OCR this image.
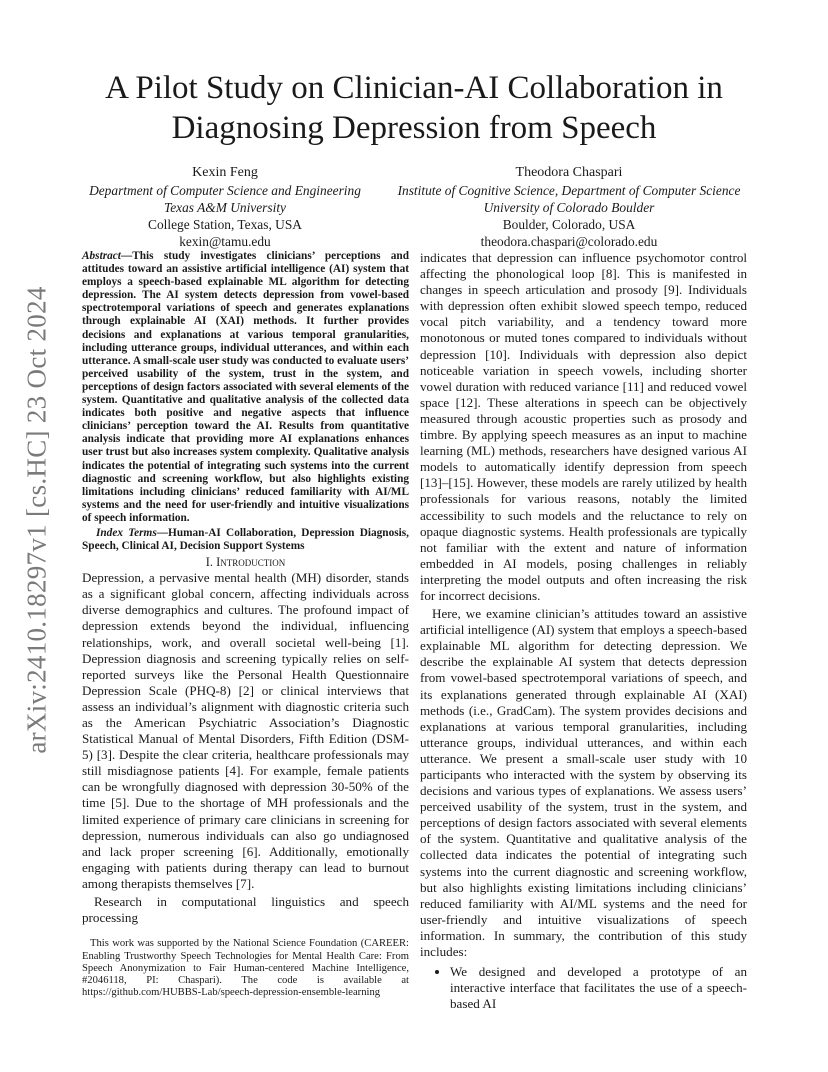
arXiv:2410.18297v1 [cs.HC] 23 Oct 2024
A Pilot Study on Clinician-AI Collaboration in Diagnosing Depression from Speech
Kexin Feng
Department of Computer Science and Engineering
Texas A&M University
College Station, Texas, USA
kexin@tamu.edu
Theodora Chaspari
Institute of Cognitive Science, Department of Computer Science
University of Colorado Boulder
Boulder, Colorado, USA
theodora.chaspari@colorado.edu

Abstract—This study investigates clinicians’ perceptions and attitudes toward an assistive artificial intelligence (AI) system that employs a speech-based explainable ML algorithm for detecting depression. The AI system detects depression from vowel-based spectrotemporal variations of speech and generates explanations through explainable AI (XAI) methods. It further provides decisions and explanations at various temporal granularities, including utterance groups, individual utterances, and within each utterance. A small-scale user study was conducted to evaluate users’ perceived usability of the system, trust in the system, and perceptions of design factors associated with several elements of the system. Quantitative and qualitative analysis of the collected data indicates both positive and negative aspects that influence clinicians’ perception toward the AI. Results from quantitative analysis indicate that providing more AI explanations enhances user trust but also increases system complexity. Qualitative analysis indicates the potential of integrating such systems into the current diagnostic and screening workflow, but also highlights existing limitations including clinicians’ reduced familiarity with AI/ML systems and the need for user-friendly and intuitive visualizations of speech information.

Index Terms—Human-AI Collaboration, Depression Diagnosis, Speech, Clinical AI, Decision Support Systems

I. Introduction

Depression, a pervasive mental health (MH) disorder, stands as a significant global concern, affecting individuals across diverse demographics and cultures. The profound impact of depression extends beyond the individual, influencing relationships, work, and overall societal well-being [1]. Depression diagnosis and screening typically relies on self-reported surveys like the Personal Health Questionnaire Depression Scale (PHQ-8) [2] or clinical interviews that assess an individual’s alignment with diagnostic criteria such as the American Psychiatric Association’s Diagnostic Statistical Manual of Mental Disorders, Fifth Edition (DSM-5) [3]. Despite the clear criteria, healthcare professionals may still misdiagnose patients [4]. For example, female patients can be wrongfully diagnosed with depression 30-50% of the time [5]. Due to the shortage of MH professionals and the limited experience of primary care clinicians in screening for depression, numerous individuals can also go undiagnosed and lack proper screening [6]. Additionally, emotionally engaging with patients during therapy can lead to burnout among therapists themselves [7].

Research in computational linguistics and speech processing

This work was supported by the National Science Foundation (CAREER: Enabling Trustworthy Speech Technologies for Mental Health Care: From Speech Anonymization to Fair Human-centered Machine Intelligence, #2046118, PI: Chaspari). The code is available at https://github.com/HUBBS-Lab/speech-depression-ensemble-learning

indicates that depression can influence psychomotor control affecting the phonological loop [8]. This is manifested in changes in speech articulation and prosody [9]. Individuals with depression often exhibit slowed speech tempo, reduced vocal pitch variability, and a tendency toward more monotonous or muted tones compared to individuals without depression [10]. Individuals with depression also depict noticeable variation in speech vowels, including shorter vowel duration with reduced variance [11] and reduced vowel space [12]. These alterations in speech can be objectively measured through acoustic properties such as prosody and timbre. By applying speech measures as an input to machine learning (ML) methods, researchers have designed various AI models to automatically identify depression from speech [13]–[15]. However, these models are rarely utilized by health professionals for various reasons, notably the limited accessibility to such models and the reluctance to rely on opaque diagnostic systems. Health professionals are typically not familiar with the extent and nature of information embedded in AI models, posing challenges in reliably interpreting the model outputs and often increasing the risk for incorrect decisions.

Here, we examine clinician’s attitudes toward an assistive artificial intelligence (AI) system that employs a speech-based explainable ML algorithm for detecting depression. We describe the explainable AI system that detects depression from vowel-based spectrotemporal variations of speech, and its explanations generated through explainable AI (XAI) methods (i.e., GradCam). The system provides decisions and explanations at various temporal granularities, including utterance groups, individual utterances, and within each utterance. We present a small-scale user study with 10 participants who interacted with the system by observing its decisions and various types of explanations. We assess users’ perceived usability of the system, trust in the system, and perceptions of design factors associated with several elements of the system. Quantitative and qualitative analysis of the collected data indicates the potential of integrating such systems into the current diagnostic and screening workflow, but also highlights existing limitations including clinicians’ reduced familiarity with AI/ML systems and the need for user-friendly and intuitive visualizations of speech information. In summary, the contribution of this study includes:

• We designed and developed a prototype of an interactive interface that facilitates the use of a speech-based AI
